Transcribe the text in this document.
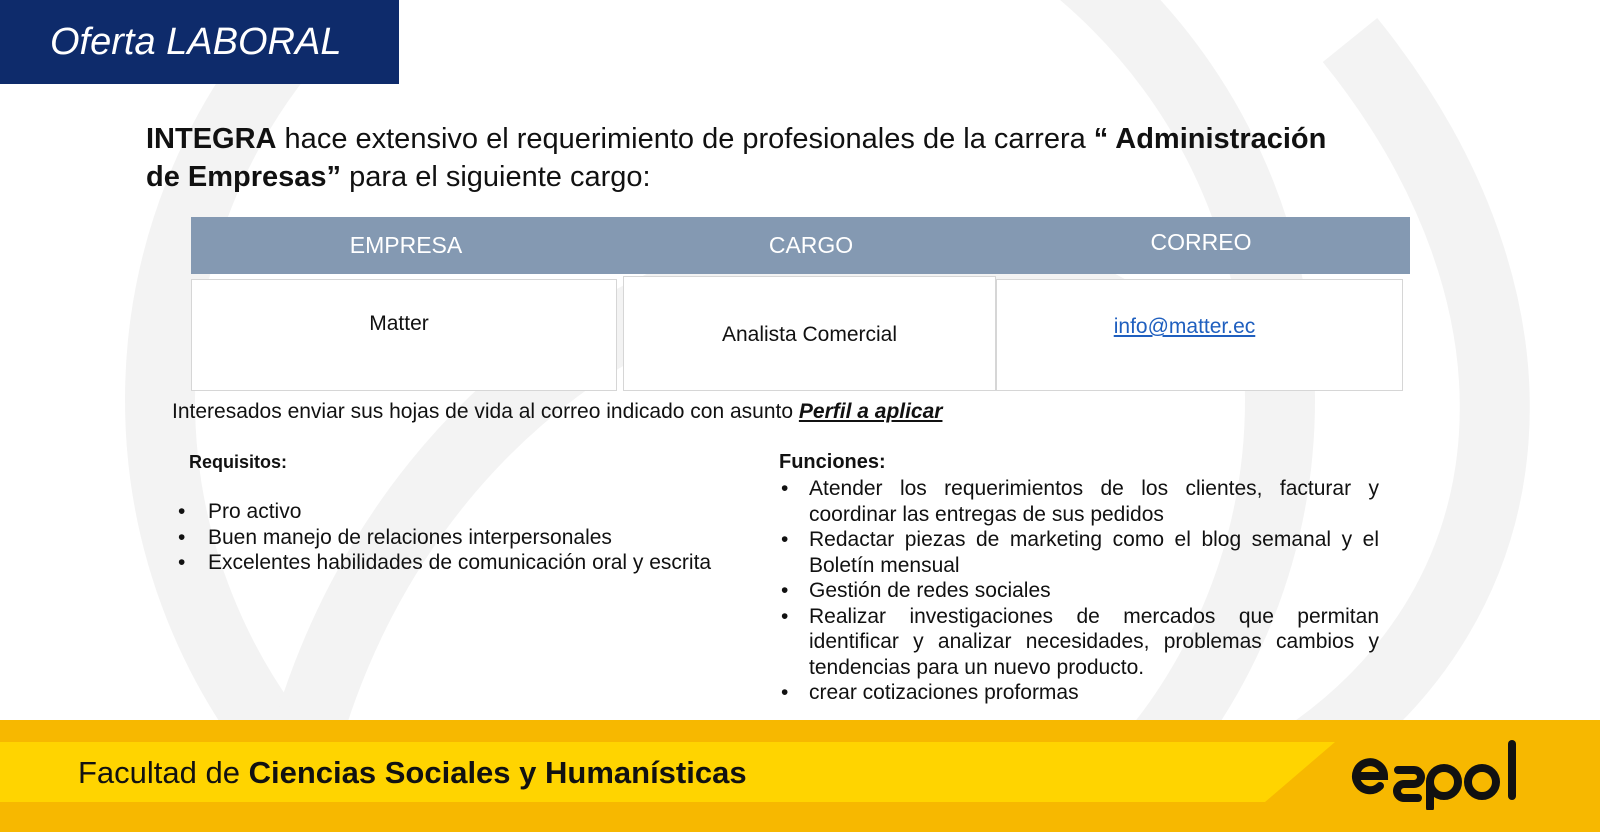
Oferta LABORAL
INTEGRA hace extensivo el requerimiento de profesionales de la carrera “ Administración de Empresas” para el siguiente cargo:
EMPRESA	CARGO	CORREO
Matter	Analista Comercial	info@matter.ec
Interesados enviar sus hojas de vida al correo indicado con asunto Perfil a aplicar
Requisitos:
• Pro activo
• Buen manejo de relaciones interpersonales
• Excelentes habilidades de comunicación oral y escrita
Funciones:
• Atender los requerimientos de los clientes, facturar y coordinar las entregas de sus pedidos
• Redactar piezas de marketing como el blog semanal y el Boletín mensual
• Gestión de redes sociales
• Realizar investigaciones de mercados que permitan identificar y analizar necesidades, problemas cambios y tendencias para un nuevo producto.
• crear cotizaciones proformas
Facultad de Ciencias Sociales y Humanísticas
